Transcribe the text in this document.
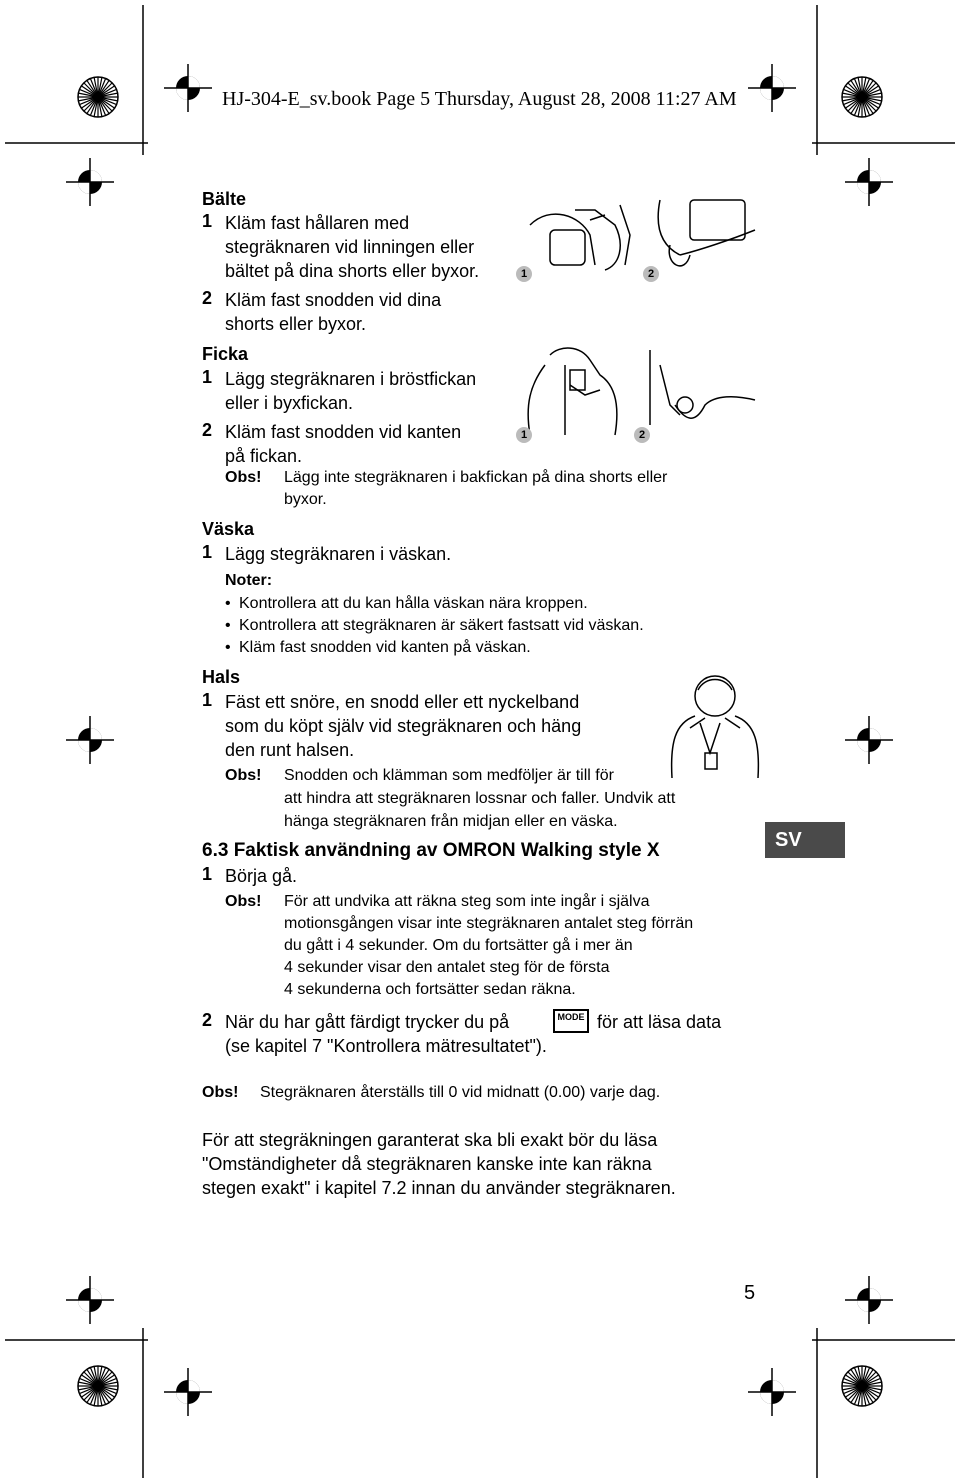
HJ-304-E_sv.book Page 5 Thursday, August 28, 2008 11:27 AM
1	2
1	2
Bälte
1 Kläm fast hållaren med
stegräknaren vid linningen eller
bältet på dina shorts eller byxor.
2 Kläm fast snodden vid dina
shorts eller byxor.
Ficka
1 Lägg stegräknaren i bröstfickan
eller i byxfickan.
2 Kläm fast snodden vid kanten
på fickan.
Obs! Lägg inte stegräknaren i bakfickan på dina shorts eller
byxor.
Väska
1 Lägg stegräknaren i väskan.
Noter:
• Kontrollera att du kan hålla väskan nära kroppen.
• Kontrollera att stegräknaren är säkert fastsatt vid väskan.
• Kläm fast snodden vid kanten på väskan.
Hals
1 Fäst ett snöre, en snodd eller ett nyckelband
som du köpt själv vid stegräknaren och häng
den runt halsen.
Obs! Snodden och klämman som medföljer är till för
att hindra att stegräknaren lossnar och faller. Undvik att
hänga stegräknaren från midjan eller en väska.
6.3 Faktisk användning av OMRON Walking style X	SV
1 Börja gå.
Obs! För att undvika att räkna steg som inte ingår i själva
motionsgången visar inte stegräknaren antalet steg förrän
du gått i 4 sekunder. Om du fortsätter gå i mer än
4 sekunder visar den antalet steg för de första
4 sekunderna och fortsätter sedan räkna.
2 När du har gått färdigt trycker du på	MODE för att läsa data
(se kapitel 7 "Kontrollera mätresultatet").
Obs! Stegräknaren återställs till 0 vid midnatt (0.00) varje dag.
För att stegräkningen garanterat ska bli exakt bör du läsa
"Omständigheter då stegräknaren kanske inte kan räkna
stegen exakt" i kapitel 7.2 innan du använder stegräknaren.
5
